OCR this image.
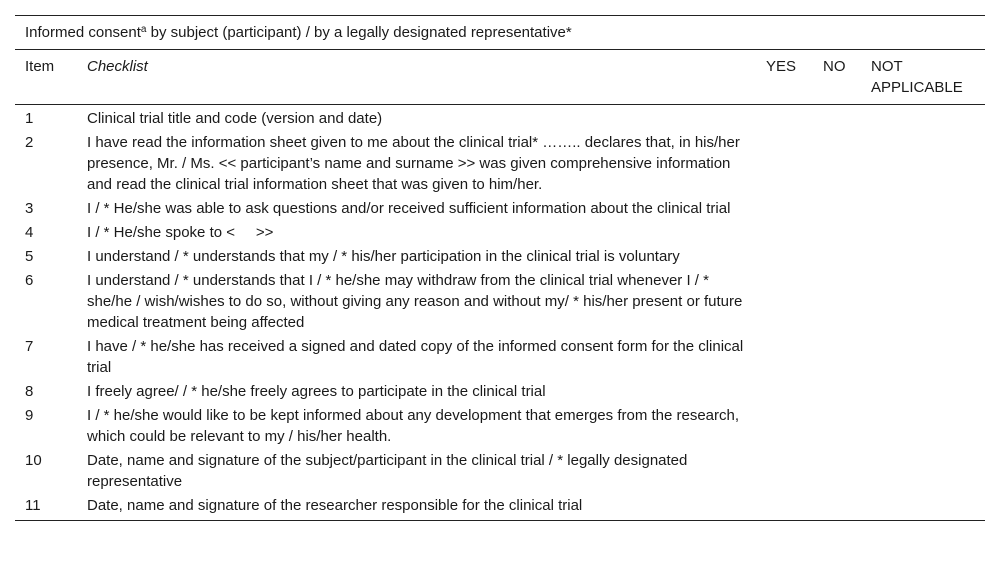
Informed consent$^a$ by subject (participant) / by a legally designated representative*				
Item	Checklist	YES	NO	NOT APPLICABLE
1	Clinical trial title and code (version and date)			
2	I have read the information sheet given to me about the clinical trial* …….. declares that, in his/her presence, Mr. / Ms. << participant’s name and surname >> was given comprehensive information and read the clinical trial information sheet that was given to him/her.			
3	I / * He/she was able to ask questions and/or received sufficient information about the clinical trial			
4	I / * He/she spoke to <     >>			
5	I understand / * understands that my / * his/her participation in the clinical trial is voluntary			
6	I understand / * understands that I / * he/she may withdraw from the clinical trial whenever I / * she/he / wish/wishes to do so, without giving any reason and without my/ * his/her present or future medical treatment being affected			
7	I have / * he/she has received a signed and dated copy of the informed consent form for the clinical trial			
8	I freely agree/ / * he/she freely agrees to participate in the clinical trial			
9	I / * he/she would like to be kept informed about any development that emerges from the research, which could be relevant to my / his/her health.			
10	Date, name and signature of the subject/participant in the clinical trial / * legally designated representative			
11	Date, name and signature of the researcher responsible for the clinical trial			
